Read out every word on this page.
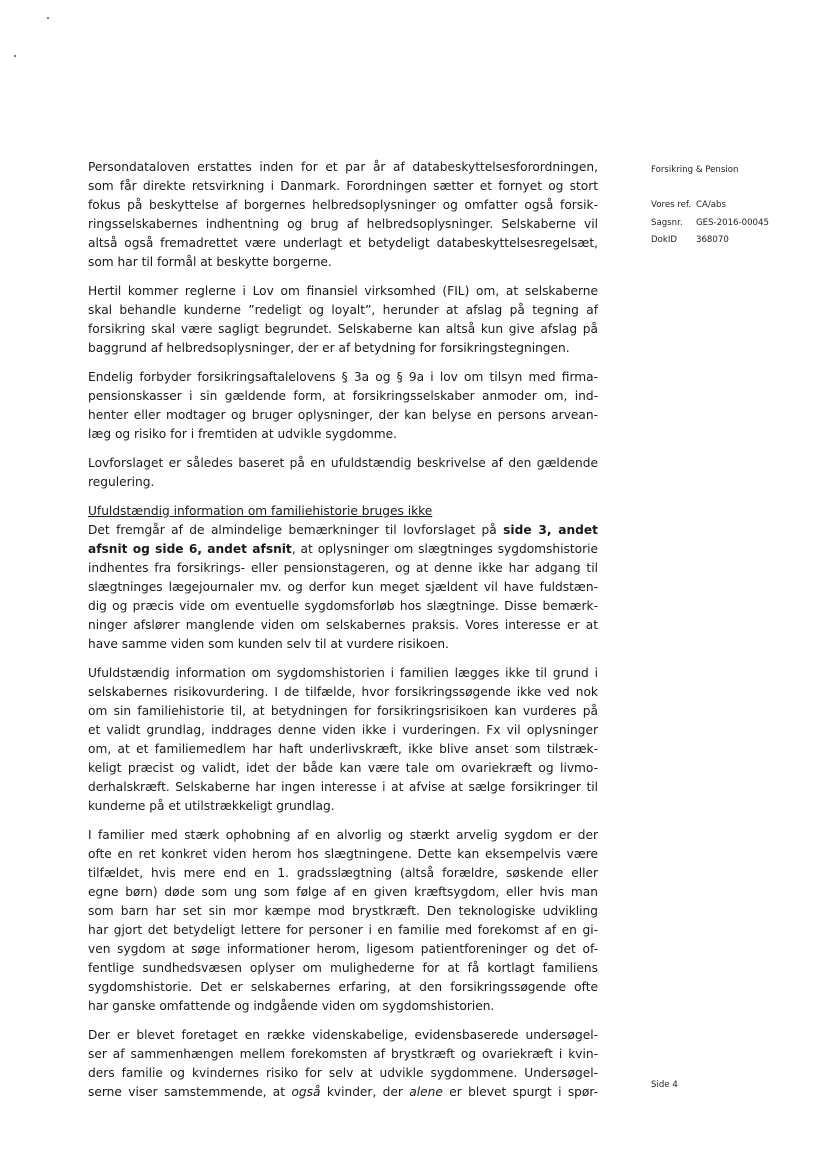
Persondataloven erstattes inden for et par år af databeskyttelsesforordningen,
som får direkte retsvirkning i Danmark. Forordningen sætter et fornyet og stort
fokus på beskyttelse af borgernes helbredsoplysninger og omfatter også forsik-
ringsselskabernes indhentning og brug af helbredsoplysninger. Selskaberne vil
altså også fremadrettet være underlagt et betydeligt databeskyttelsesregelsæt,
som har til formål at beskytte borgerne.
Hertil kommer reglerne i Lov om finansiel virksomhed (FIL) om, at selskaberne
skal behandle kunderne ”redeligt og loyalt”, herunder at afslag på tegning af
forsikring skal være sagligt begrundet. Selskaberne kan altså kun give afslag på
baggrund af helbredsoplysninger, der er af betydning for forsikringstegningen.
Endelig forbyder forsikringsaftalelovens § 3a og § 9a i lov om tilsyn med firma-
pensionskasser i sin gældende form, at forsikringsselskaber anmoder om, ind-
henter eller modtager og bruger oplysninger, der kan belyse en persons arvean-
læg og risiko for i fremtiden at udvikle sygdomme.
Lovforslaget er således baseret på en ufuldstændig beskrivelse af den gældende
regulering.
Ufuldstændig information om familiehistorie bruges ikke
Det fremgår af de almindelige bemærkninger til lovforslaget på side 3, andet
afsnit og side 6, andet afsnit, at oplysninger om slægtninges sygdomshistorie
indhentes fra forsikrings- eller pensionstageren, og at denne ikke har adgang til
slægtninges lægejournaler mv. og derfor kun meget sjældent vil have fuldstæn-
dig og præcis vide om eventuelle sygdomsforløb hos slægtninge. Disse bemærk-
ninger afslører manglende viden om selskabernes praksis. Vores interesse er at
have samme viden som kunden selv til at vurdere risikoen.
Ufuldstændig information om sygdomshistorien i familien lægges ikke til grund i
selskabernes risikovurdering. I de tilfælde, hvor forsikringssøgende ikke ved nok
om sin familiehistorie til, at betydningen for forsikringsrisikoen kan vurderes på
et validt grundlag, inddrages denne viden ikke i vurderingen. Fx vil oplysninger
om, at et familiemedlem har haft underlivskræft, ikke blive anset som tilstræk-
keligt præcist og validt, idet der både kan være tale om ovariekræft og livmo-
derhalskræft. Selskaberne har ingen interesse i at afvise at sælge forsikringer til
kunderne på et utilstrækkeligt grundlag.
I familier med stærk ophobning af en alvorlig og stærkt arvelig sygdom er der
ofte en ret konkret viden herom hos slægtningene. Dette kan eksempelvis være
tilfældet, hvis mere end en 1. gradsslægtning (altså forældre, søskende eller
egne børn) døde som ung som følge af en given kræftsygdom, eller hvis man
som barn har set sin mor kæmpe mod brystkræft. Den teknologiske udvikling
har gjort det betydeligt lettere for personer i en familie med forekomst af en gi-
ven sygdom at søge informationer herom, ligesom patientforeninger og det of-
fentlige sundhedsvæsen oplyser om mulighederne for at få kortlagt familiens
sygdomshistorie. Det er selskabernes erfaring, at den forsikringssøgende ofte
har ganske omfattende og indgående viden om sygdomshistorien.
Der er blevet foretaget en række videnskabelige, evidensbaserede undersøgel-
ser af sammenhængen mellem forekomsten af brystkræft og ovariekræft i kvin-
ders familie og kvindernes risiko for selv at udvikle sygdommene. Undersøgel-
serne viser samstemmende, at også kvinder, der alene er blevet spurgt i spør-
Forsikring & Pension
Vores ref. CA/abs
Sagsnr. GES-2016-00045
DokID 368070
Side 4
